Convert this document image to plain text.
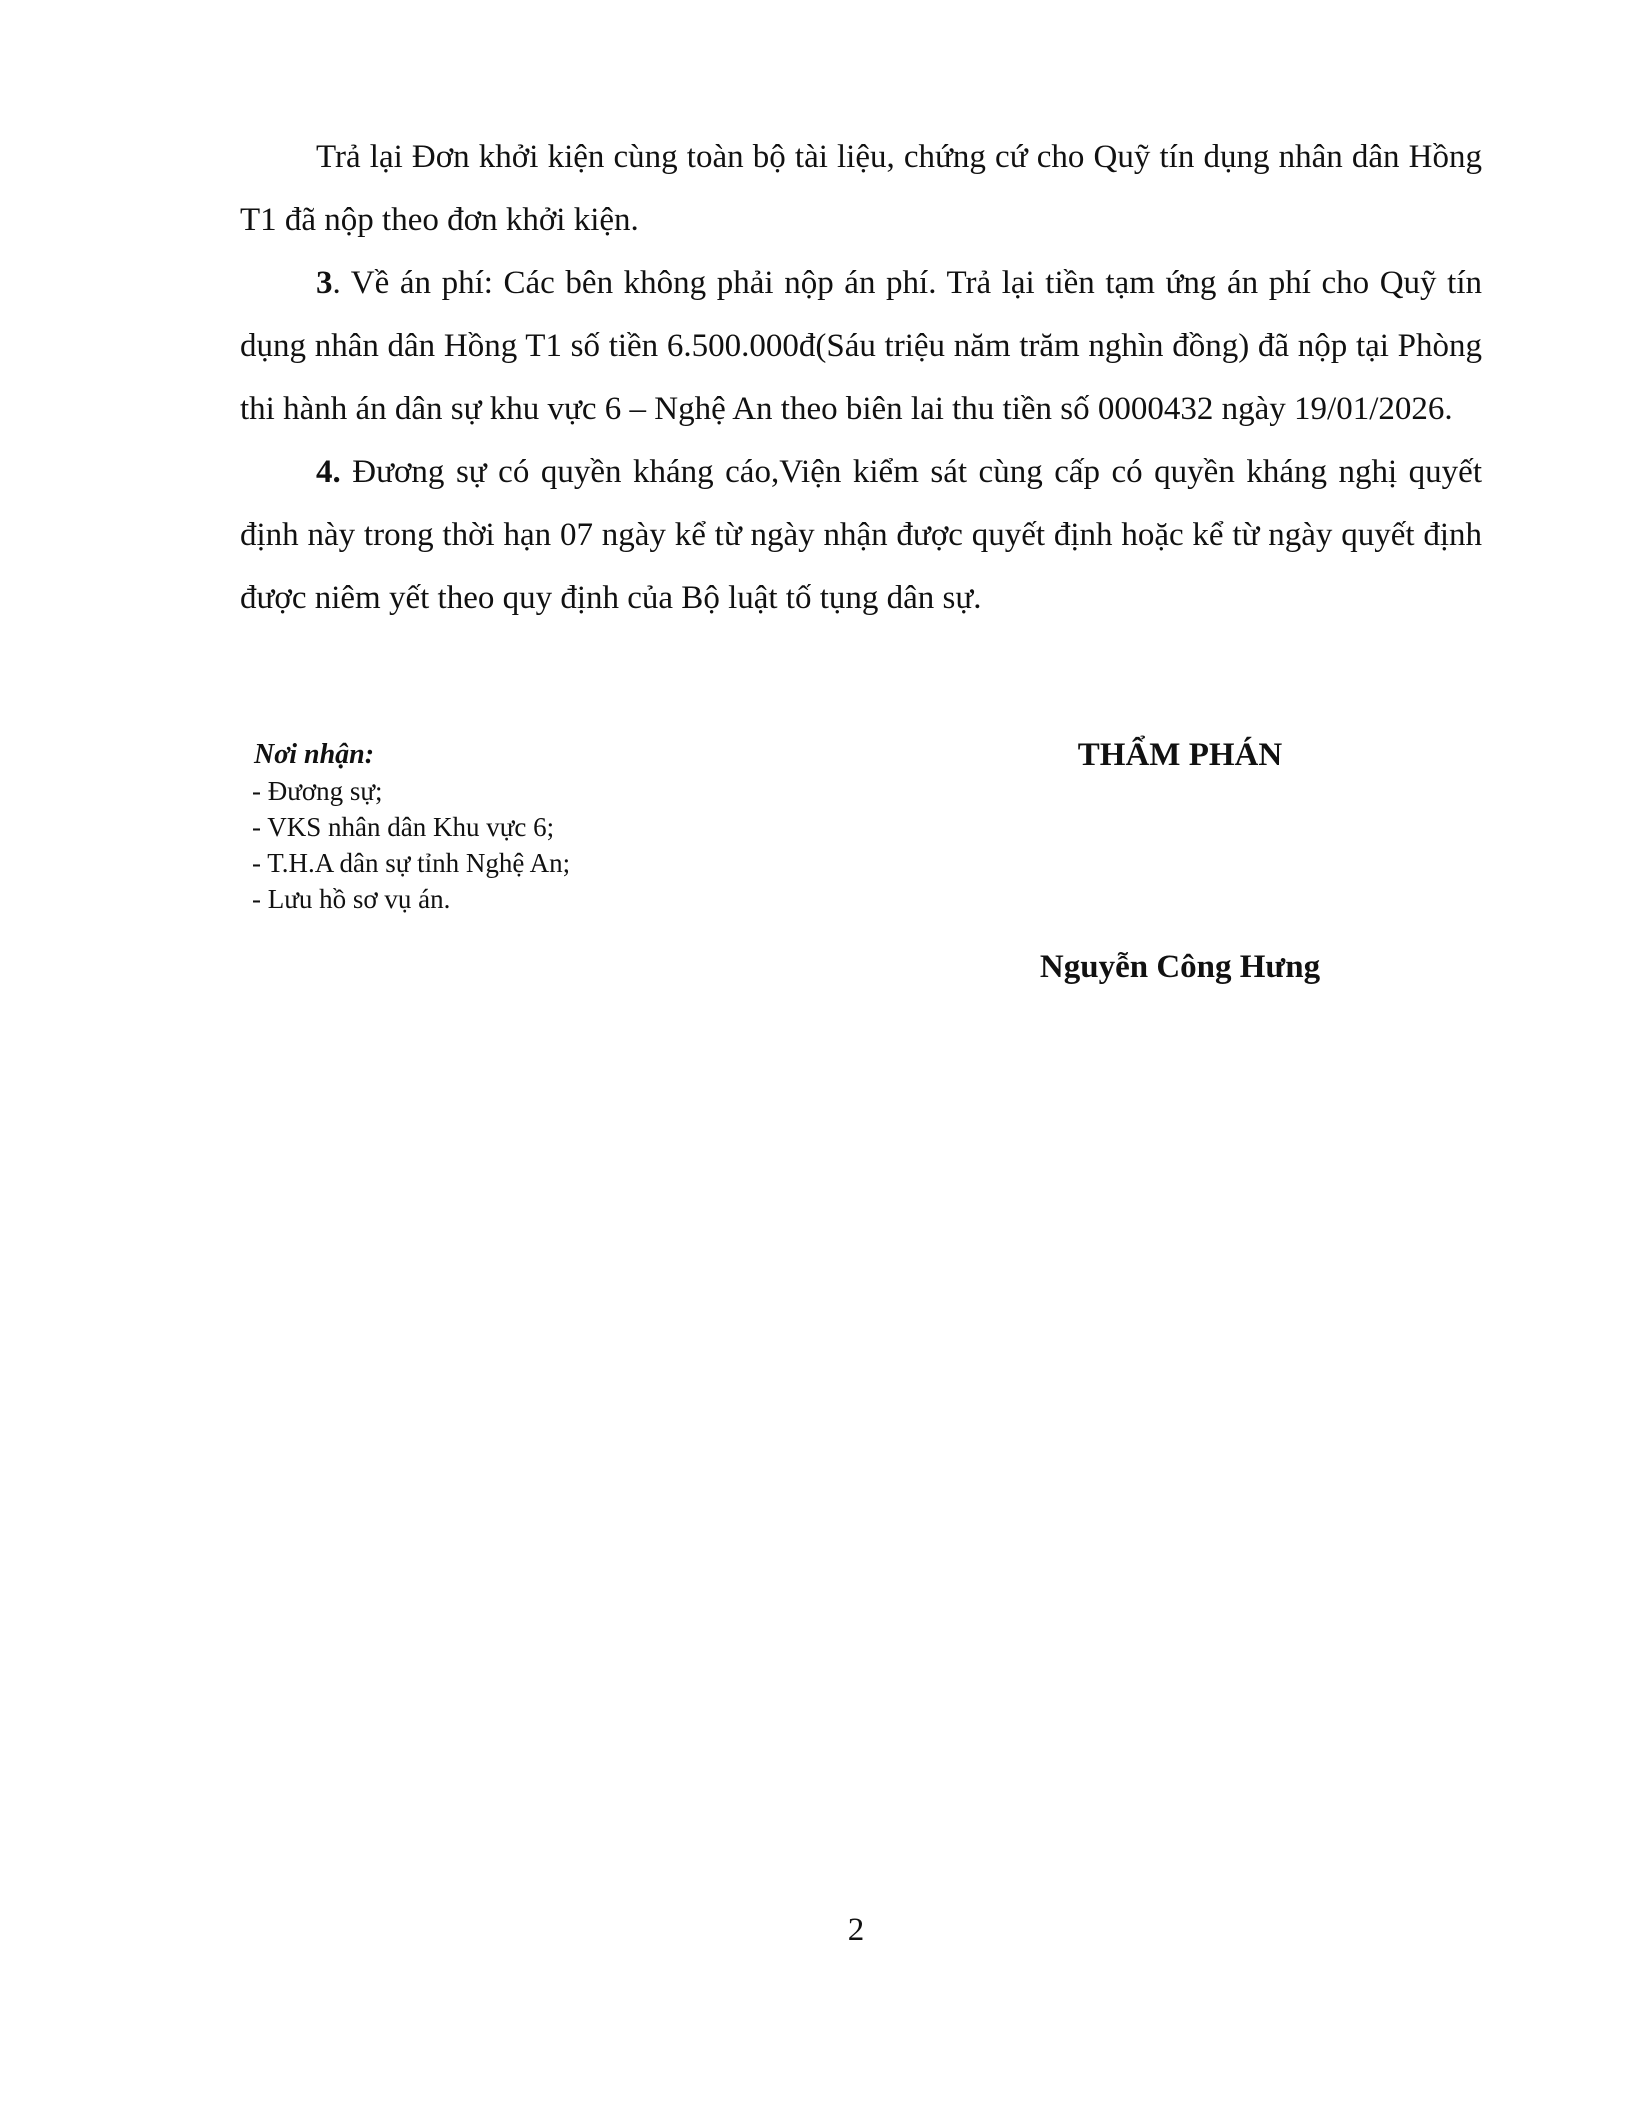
Trả lại Đơn khởi kiện cùng toàn bộ tài liệu, chứng cứ cho Quỹ tín dụng nhân dân Hồng T1 đã nộp theo đơn khởi kiện.

3. Về án phí: Các bên không phải nộp án phí. Trả lại tiền tạm ứng án phí cho Quỹ tín dụng nhân dân Hồng T1 số tiền 6.500.000đ(Sáu triệu năm trăm nghìn đồng) đã nộp tại Phòng thi hành án dân sự khu vực 6 – Nghệ An theo biên lai thu tiền số 0000432 ngày 19/01/2026.

4. Đương sự có quyền kháng cáo,Viện kiểm sát cùng cấp có quyền kháng nghị quyết định này trong thời hạn 07 ngày kể từ ngày nhận được quyết định hoặc kể từ ngày quyết định được niêm yết theo quy định của Bộ luật tố tụng dân sự.

Nơi nhận:
- Đương sự;
- VKS nhân dân Khu vực 6;
- T.H.A dân sự tỉnh Nghệ An;
- Lưu hồ sơ vụ án.
THẨM PHÁN
Nguyễn Công Hưng
2
